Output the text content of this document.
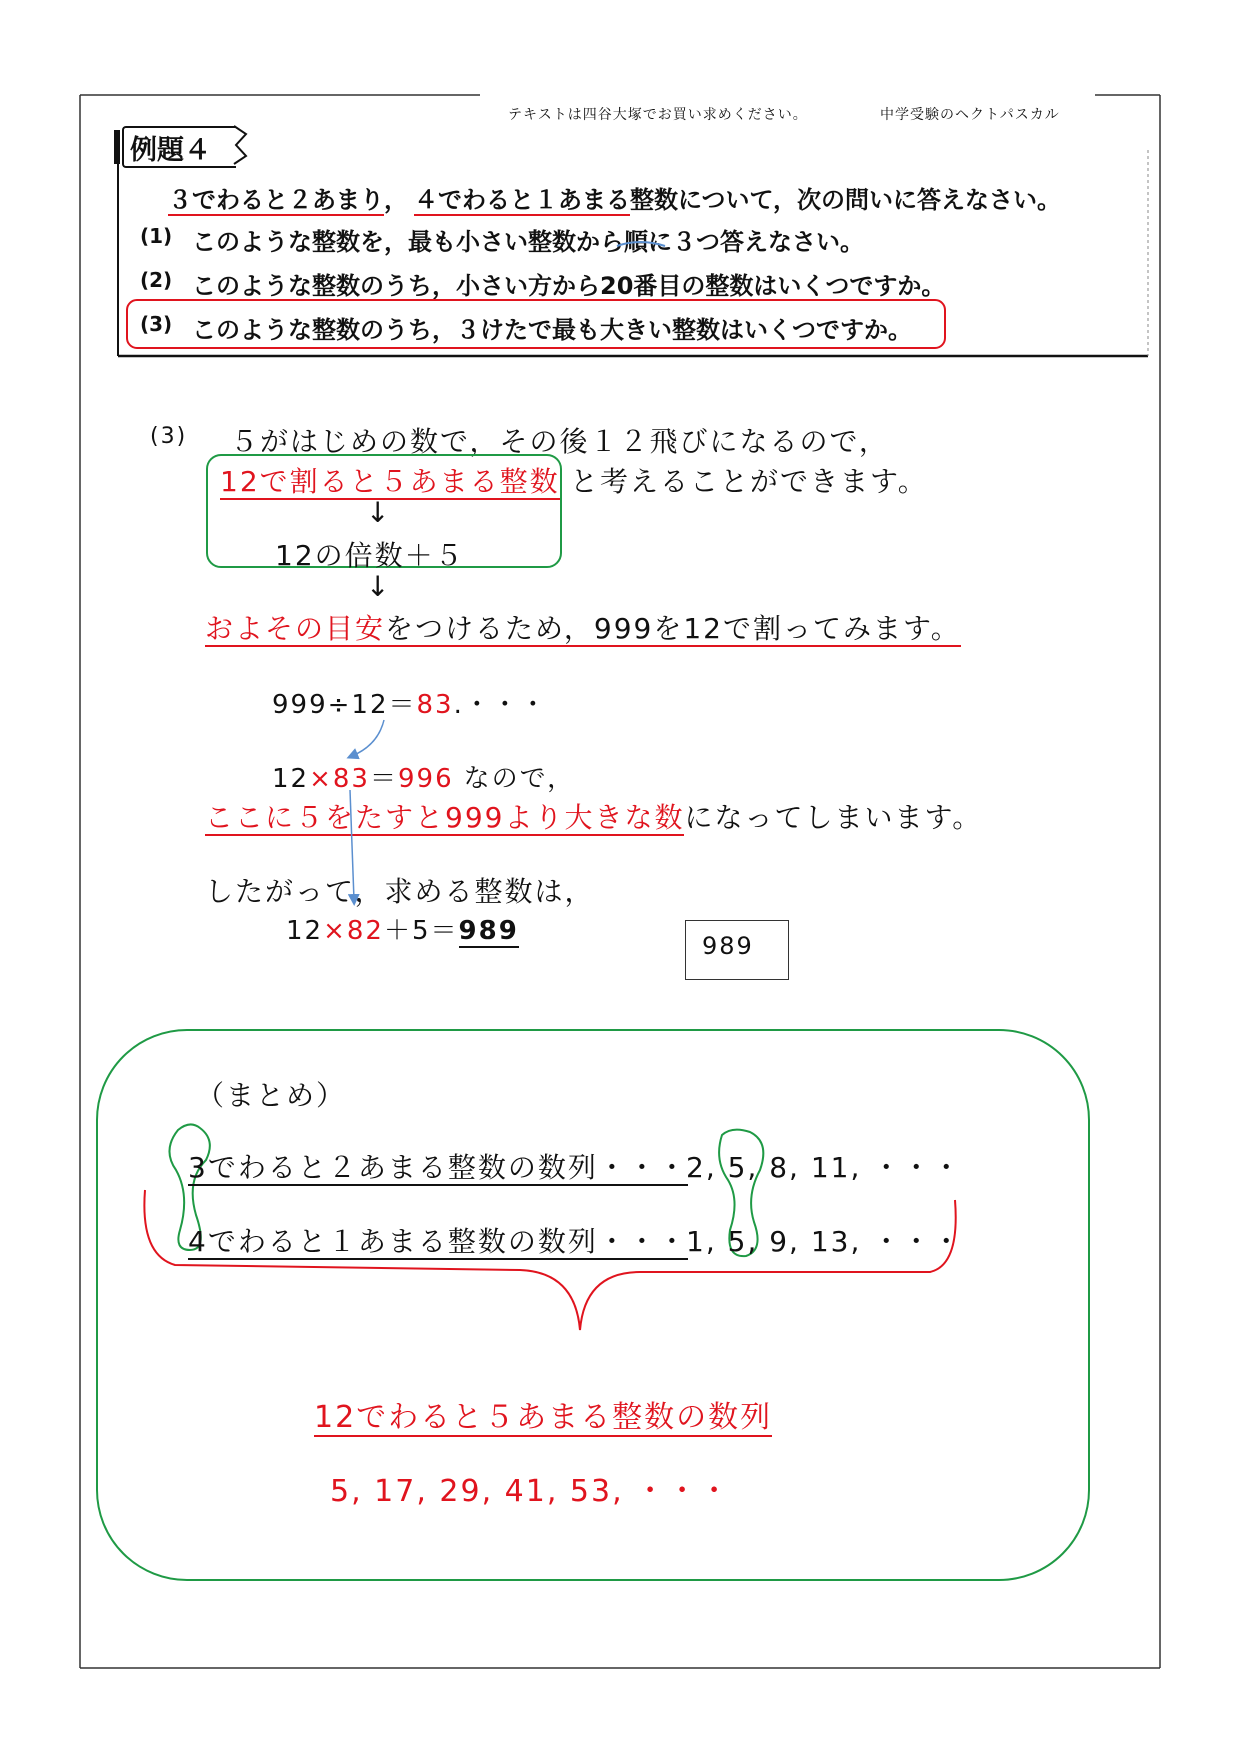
テキストは四谷大塚でお買い求めください。	中学受験のヘクトパスカル
例題４
３でわると２あまり， ４でわると１あまる整数について，次の問いに答えなさい。
(1) このような整数を，最も小さい整数から順に３つ答えなさい。
(2) このような整数のうち，小さい方から20番目の整数はいくつですか。
(3) このような整数のうち，３けたで最も大きい整数はいくつですか。
(3) ５がはじめの数で，その後１２飛びになるので，
12で割ると５あまる整数 と考えることができます。
↓
12の倍数＋５
↓
およその目安をつけるため，999を12で割ってみます。
999÷12＝83.・・・
12×83＝996 なので，
ここに５をたすと999より大きな数になってしまいます。
したがって，求める整数は，
12×82＋5＝989	989
（まとめ）
3でわると２あまる整数の数列・・・
2, 5, 8, 11, ・・・
4でわると１あまる整数の数列・・・
1, 5, 9, 13, ・・・
12でわると５あまる整数の数列
5, 17, 29, 41, 53, ・・・
